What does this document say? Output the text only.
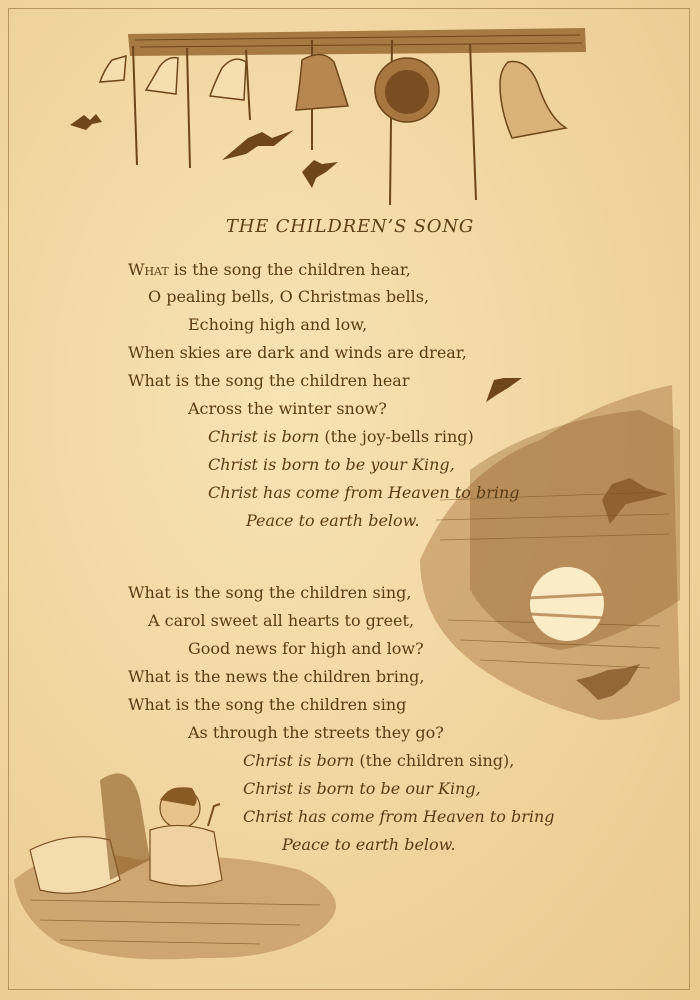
THE CHILDREN’S SONG
What is the song the children hear,
O pealing bells, O Christmas bells,
Echoing high and low,
When skies are dark and winds are drear,
What is the song the children hear
Across the winter snow?
Christ is born (the joy-bells ring)
Christ is born to be your King,
Christ has come from Heaven to bring
Peace to earth below.
What is the song the children sing,
A carol sweet all hearts to greet,
Good news for high and low?
What is the news the children bring,
What is the song the children sing
As through the streets they go?
Christ is born (the children sing),
Christ is born to be our King,
Christ has come from Heaven to bring
Peace to earth below.
